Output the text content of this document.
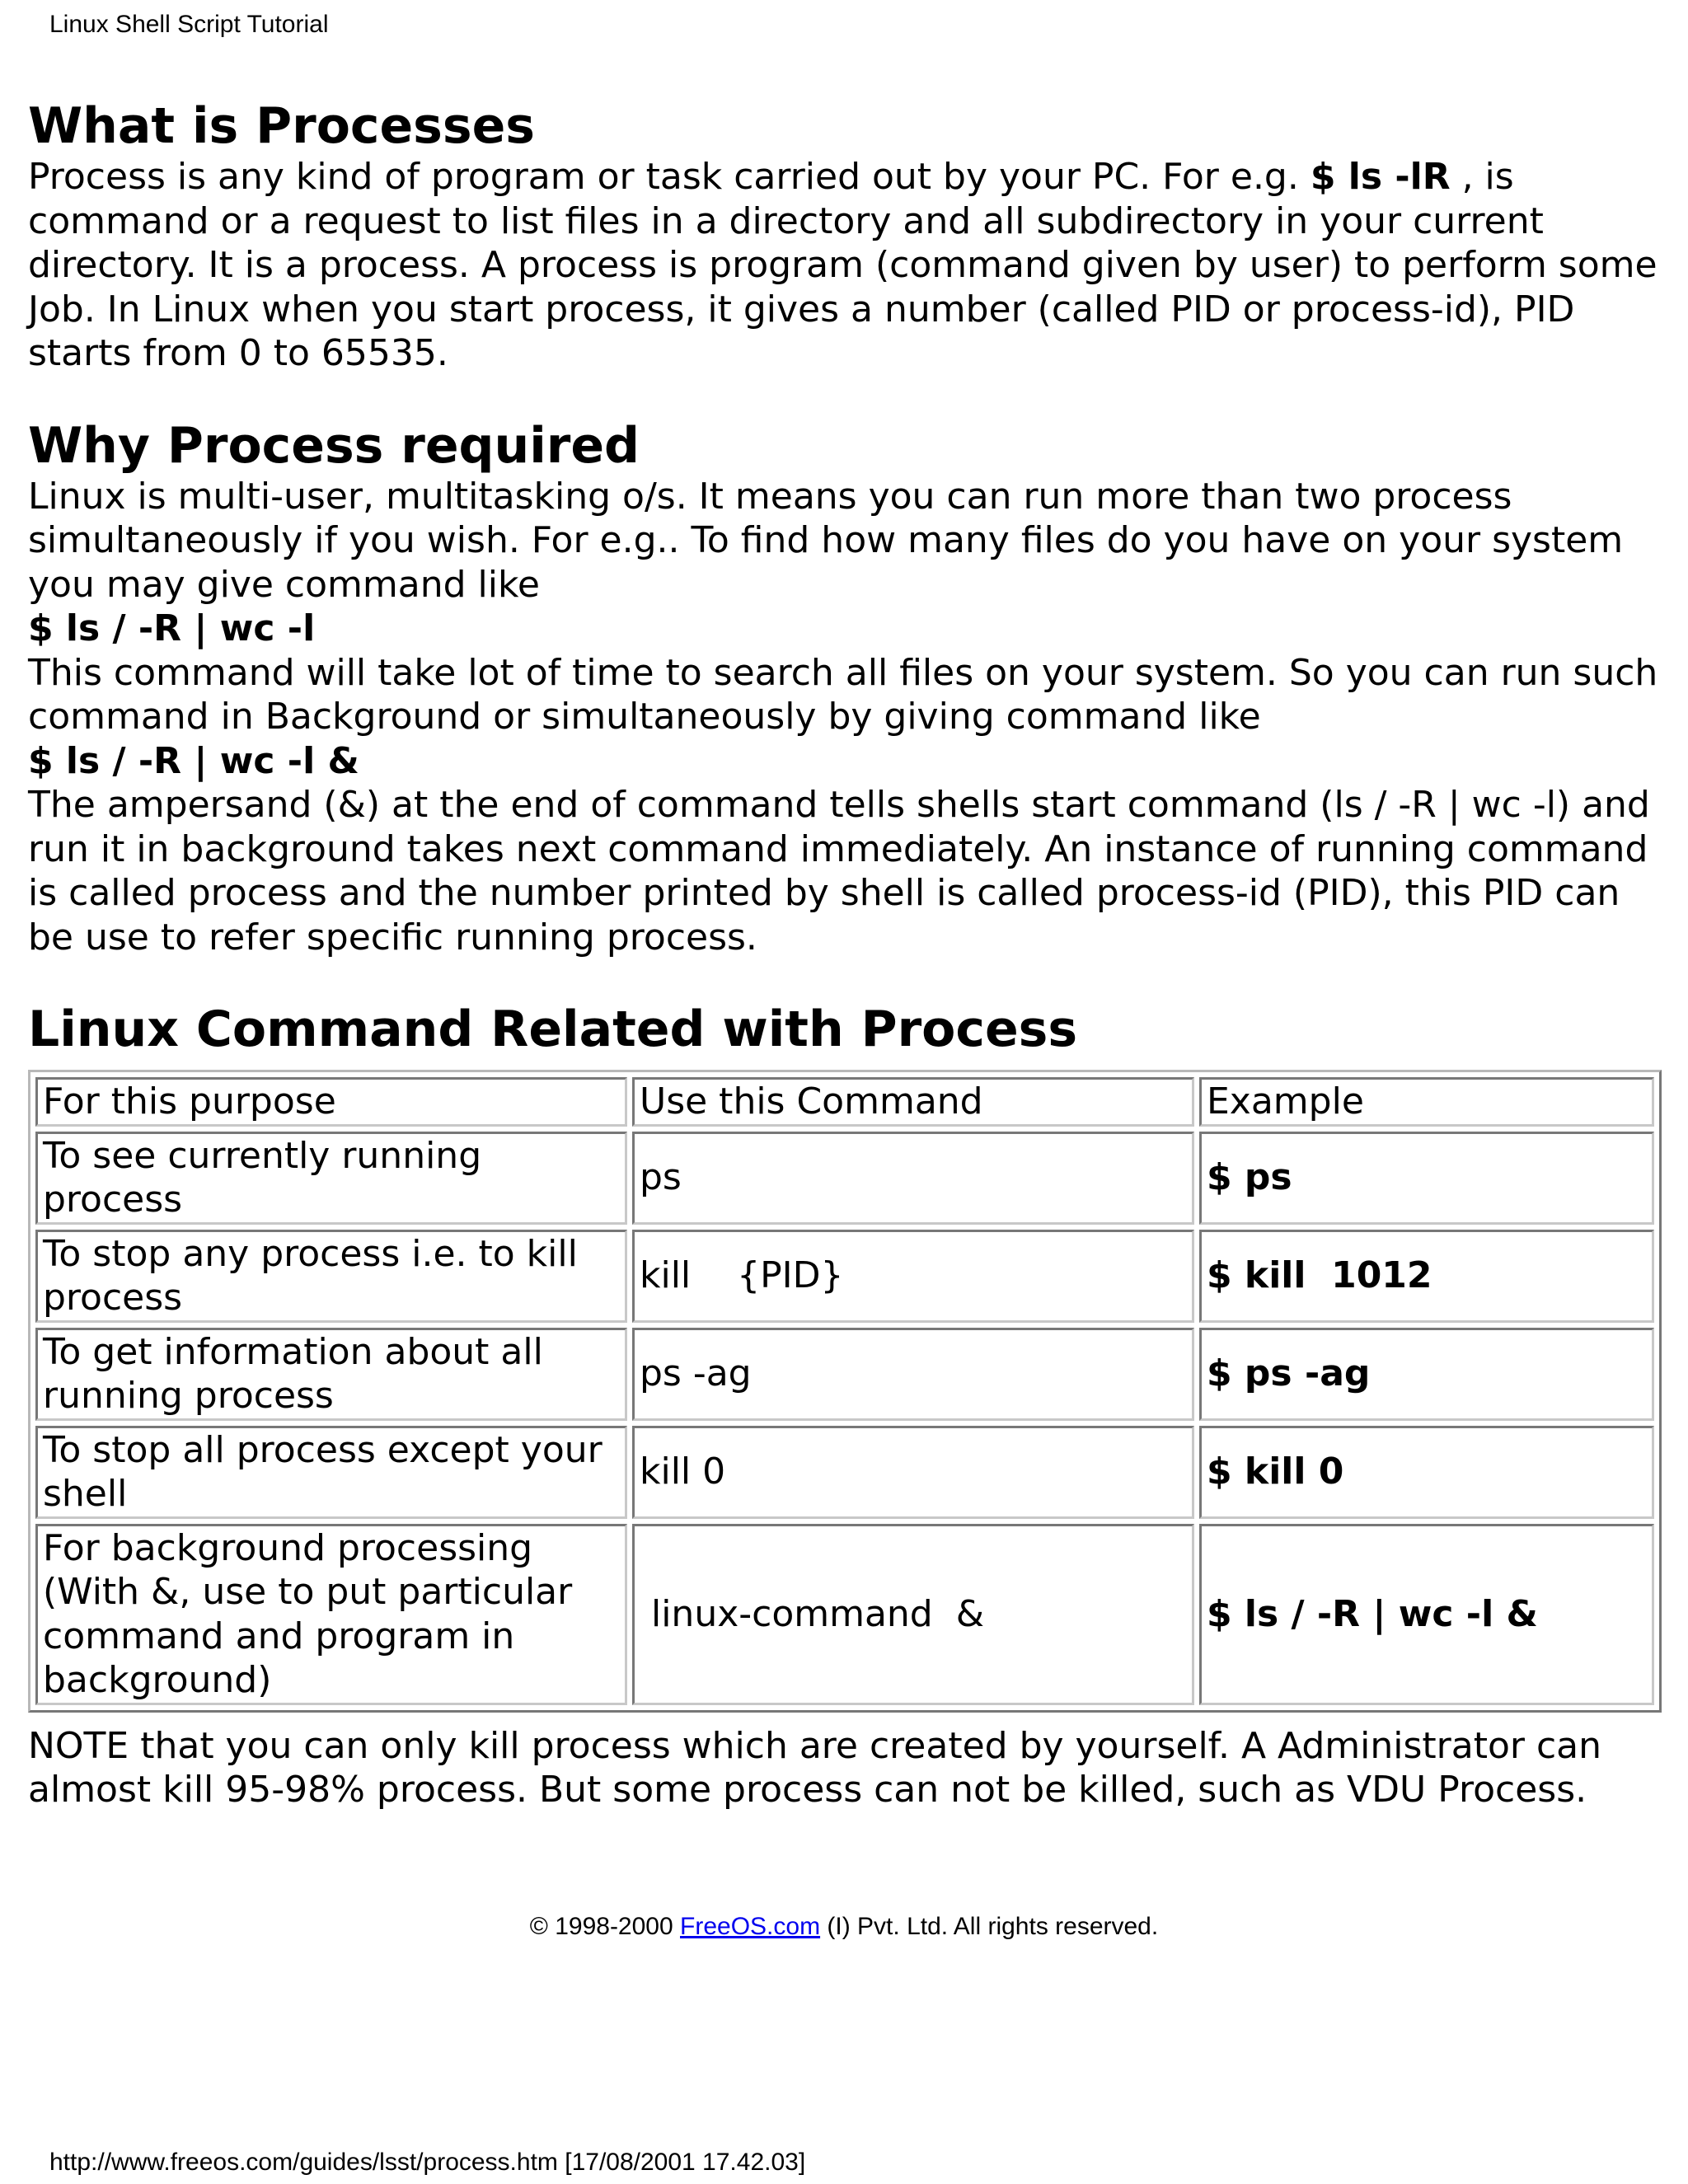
Linux Shell Script Tutorial
What is Processes

Process is any kind of program or task carried out by your PC. For e.g. $ ls -lR , is command or a request to list files in a directory and all subdirectory in your current directory. It is a process. A process is program (command given by user) to perform some Job. In Linux when you start process, it gives a number (called PID or process-id), PID starts from 0 to 65535.

Why Process required

Linux is multi-user, multitasking o/s. It means you can run more than two process simultaneously if you wish. For e.g.. To find how many files do you have on your system you may give command like

$ ls / -R | wc -l

This command will take lot of time to search all files on your system. So you can run such command in Background or simultaneously by giving command like

$ ls / -R | wc -l &

The ampersand (&) at the end of command tells shells start command (ls / -R | wc -l) and run it in background takes next command immediately. An instance of running command is called process and the number printed by shell is called process-id (PID), this PID can be use to refer specific running process.

Linux Command Related with Process
For this purpose	Use this Command	Example
To see currently running process	ps	$ ps
To stop any process i.e. to kill process	kill    {PID}	$ kill  1012
To get information about all running process	ps -ag	$ ps -ag
To stop all process except your shell	kill 0	$ kill 0
For background processing (With &, use to put particular command and program in background)	linux-command  &	$ ls / -R | wc -l &

NOTE that you can only kill process which are created by yourself. A Administrator can almost kill 95-98% process. But some process can not be killed, such as VDU Process.

© 1998-2000 FreeOS.com (I) Pvt. Ltd. All rights reserved.
http://www.freeos.com/guides/lsst/process.htm [17/08/2001 17.42.03]
